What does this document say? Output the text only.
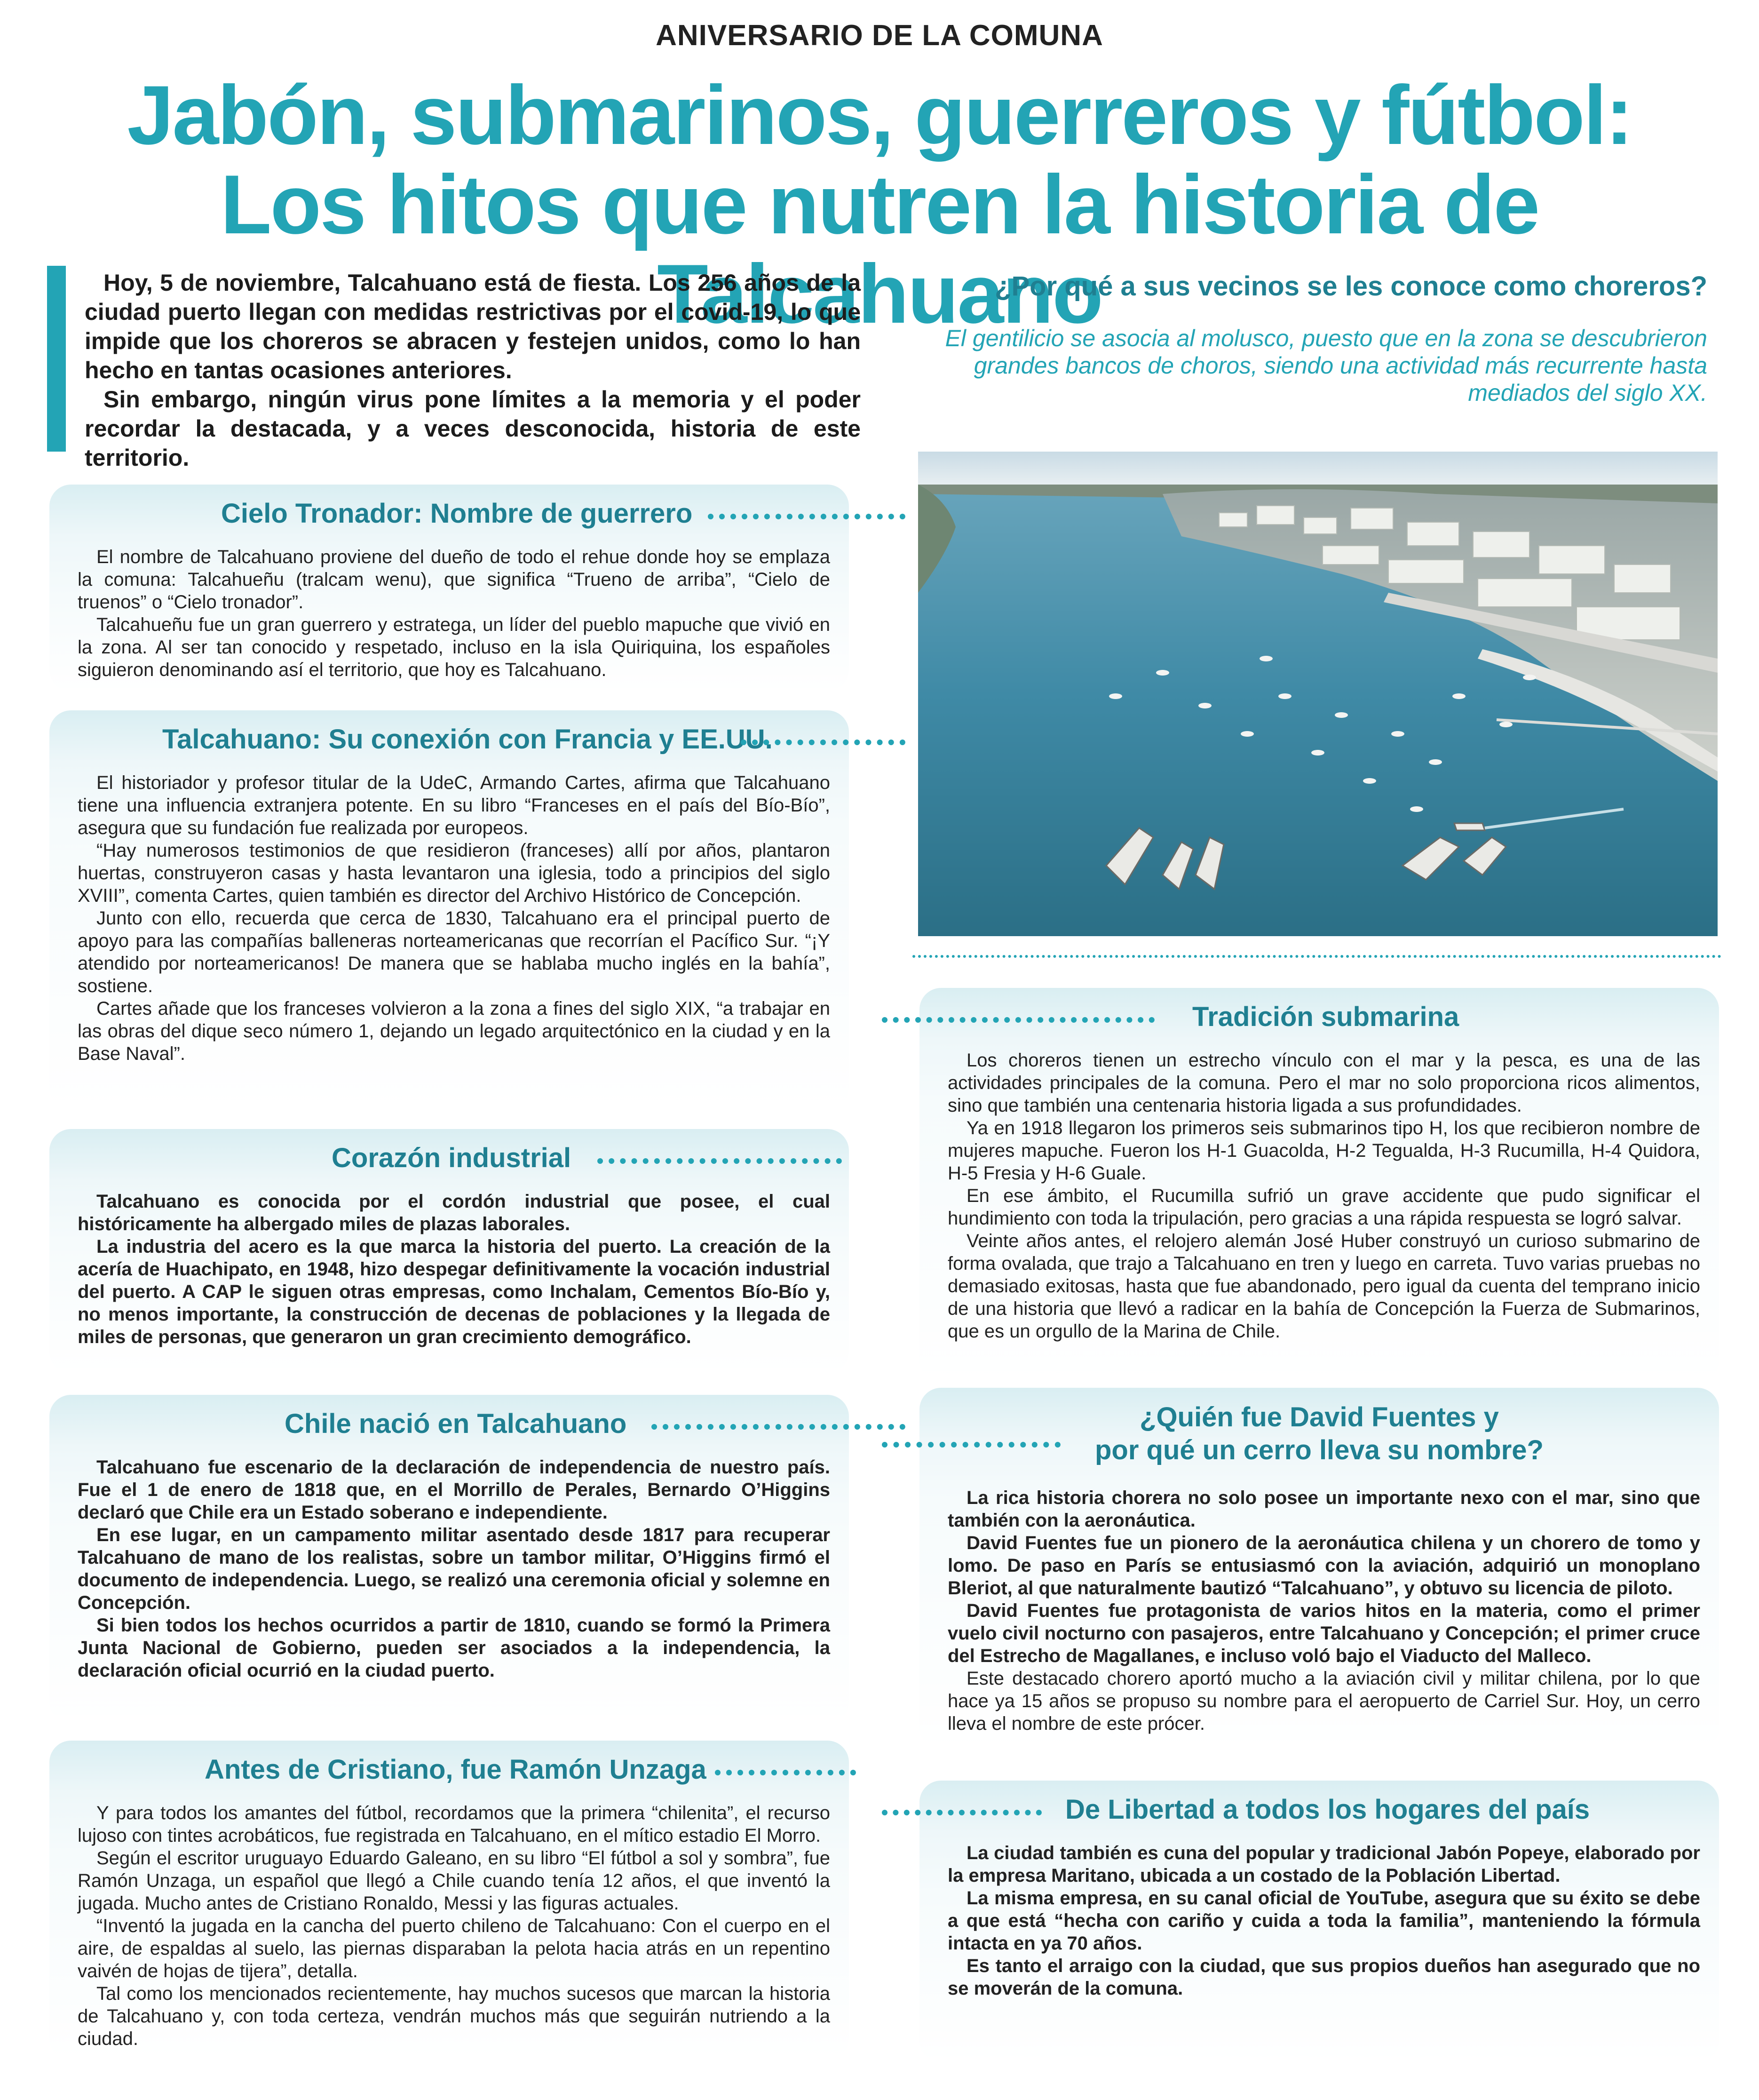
ANIVERSARIO DE LA COMUNA
Jabón, submarinos, guerreros y fútbol:
Los hitos que nutren la historia de Talcahuano

Hoy, 5 de noviembre, Talcahuano está de fiesta. Los 256 años de la ciudad puerto llegan con medidas restrictivas por el covid-19, lo que impide que los choreros se abracen y festejen unidos, como lo han hecho en tantas ocasiones anteriores.

Sin embargo, ningún virus pone límites a la memoria y el poder recordar la destacada, y a veces desconocida, historia de este territorio.

Cielo Tronador: Nombre de guerrero

El nombre de Talcahuano proviene del dueño de todo el rehue donde hoy se emplaza la comuna: Talcahueñu (tralcam wenu), que significa “Trueno de arriba”, “Cielo de truenos” o “Cielo tronador”.

Talcahueñu fue un gran guerrero y estratega, un líder del pueblo mapuche que vivió en la zona. Al ser tan conocido y respetado, incluso en la isla Quiriquina, los españoles siguieron denominando así el territorio, que hoy es Talcahuano.

Talcahuano: Su conexión con Francia y EE.UU.

El historiador y profesor titular de la UdeC, Armando Cartes, afirma que Talcahuano tiene una influencia extranjera potente. En su libro “Franceses en el país del Bío-Bío”, asegura que su fundación fue realizada por europeos.

“Hay numerosos testimonios de que residieron (franceses) allí por años, plantaron huertas, construyeron casas y hasta levantaron una iglesia, todo a principios del siglo XVIII”, comenta Cartes, quien también es director del Archivo Histórico de Concepción.

Junto con ello, recuerda que cerca de 1830, Talcahuano era el principal puerto de apoyo para las compañías balleneras norteamericanas que recorrían el Pacífico Sur. “¡Y atendido por norteamericanos! De manera que se hablaba mucho inglés en la bahía”, sostiene.

Cartes añade que los franceses volvieron a la zona a fines del siglo XIX, “a trabajar en las obras del dique seco número 1, dejando un legado arquitectónico en la ciudad y en la Base Naval”.

Corazón industrial

Talcahuano es conocida por el cordón industrial que posee, el cual históricamente ha albergado miles de plazas laborales.

La industria del acero es la que marca la historia del puerto. La creación de la acería de Huachipato, en 1948, hizo despegar definitivamente la vocación industrial del puerto. A CAP le siguen otras empresas, como Inchalam, Cementos Bío-Bío y, no menos importante, la construcción de decenas de poblaciones y la llegada de miles de personas, que generaron un gran crecimiento demográfico.

Chile nació en Talcahuano

Talcahuano fue escenario de la declaración de independencia de nuestro país. Fue el 1 de enero de 1818 que, en el Morrillo de Perales, Bernardo O’Higgins declaró que Chile era un Estado soberano e independiente.

En ese lugar, en un campamento militar asentado desde 1817 para recuperar Talcahuano de mano de los realistas, sobre un tambor militar, O’Higgins firmó el documento de independencia. Luego, se realizó una ceremonia oficial y solemne en Concepción.

Si bien todos los hechos ocurridos a partir de 1810, cuando se formó la Primera Junta Nacional de Gobierno, pueden ser asociados a la independencia, la declaración oficial ocurrió en la ciudad puerto.

Antes de Cristiano, fue Ramón Unzaga

Y para todos los amantes del fútbol, recordamos que la primera “chilenita”, el recurso lujoso con tintes acrobáticos, fue registrada en Talcahuano, en el mítico estadio El Morro.

Según el escritor uruguayo Eduardo Galeano, en su libro “El fútbol a sol y sombra”, fue Ramón Unzaga, un español que llegó a Chile cuando tenía 12 años, el que inventó la jugada. Mucho antes de Cristiano Ronaldo, Messi y las figuras actuales.

“Inventó la jugada en la cancha del puerto chileno de Talcahuano: Con el cuerpo en el aire, de espaldas al suelo, las piernas disparaban la pelota hacia atrás en un repentino vaivén de hojas de tijera”, detalla.

Tal como los mencionados recientemente, hay muchos sucesos que marcan la historia de Talcahuano y, con toda certeza, vendrán muchos más que seguirán nutriendo a la ciudad.

¿Por qué a sus vecinos se les conoce como choreros?
El gentilicio se asocia al molusco, puesto que en la zona se descubrieron grandes bancos de choros, siendo una actividad más recurrente hasta mediados del siglo XX.
Tradición submarina

Los choreros tienen un estrecho vínculo con el mar y la pesca, es una de las actividades principales de la comuna. Pero el mar no solo proporciona ricos alimentos, sino que también una centenaria historia ligada a sus profundidades.

Ya en 1918 llegaron los primeros seis submarinos tipo H, los que recibieron nombre de mujeres mapuche. Fueron los H-1 Guacolda, H-2 Tegualda, H-3 Rucumilla, H-4 Quidora, H-5 Fresia y H-6 Guale.

En ese ámbito, el Rucumilla sufrió un grave accidente que pudo significar el hundimiento con toda la tripulación, pero gracias a una rápida respuesta se logró salvar.

Veinte años antes, el relojero alemán José Huber construyó un curioso submarino de forma ovalada, que trajo a Talcahuano en tren y luego en carreta. Tuvo varias pruebas no demasiado exitosas, hasta que fue abandonado, pero igual da cuenta del temprano inicio de una historia que llevó a radicar en la bahía de Concepción la Fuerza de Submarinos, que es un orgullo de la Marina de Chile.

¿Quién fue David Fuentes y
por qué un cerro lleva su nombre?

La rica historia chorera no solo posee un importante nexo con el mar, sino que también con la aeronáutica.

David Fuentes fue un pionero de la aeronáutica chilena y un chorero de tomo y lomo. De paso en París se entusiasmó con la aviación, adquirió un monoplano Bleriot, al que naturalmente bautizó “Talcahuano”, y obtuvo su licencia de piloto.

David Fuentes fue protagonista de varios hitos en la materia, como el primer vuelo civil nocturno con pasajeros, entre Talcahuano y Concepción; el primer cruce del Estrecho de Magallanes, e incluso voló bajo el Viaducto del Malleco.

Este destacado chorero aportó mucho a la aviación civil y militar chilena, por lo que hace ya 15 años se propuso su nombre para el aeropuerto de Carriel Sur. Hoy, un cerro lleva el nombre de este prócer.

De Libertad a todos los hogares del país

La ciudad también es cuna del popular y tradicional Jabón Popeye, elaborado por la empresa Maritano, ubicada a un costado de la Población Libertad.

La misma empresa, en su canal oficial de YouTube, asegura que su éxito se debe a que está “hecha con cariño y cuida a toda la familia”, manteniendo la fórmula intacta en ya 70 años.

Es tanto el arraigo con la ciudad, que sus propios dueños han asegurado que no se moverán de la comuna.
